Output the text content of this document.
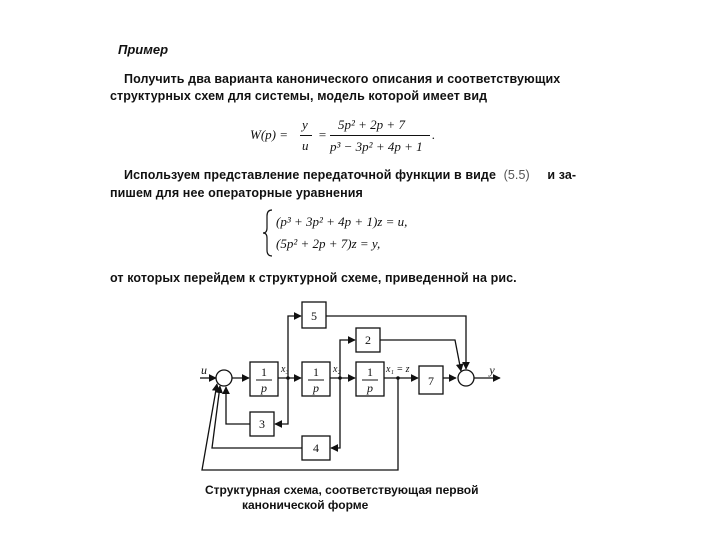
Пример
Получить два варианта канонического описания и соответствующих
структурных схем для системы, модель которой имеет вид
W(p) =
y
u
=
5p² + 2p + 7
p³ − 3p² + 4p + 1
.
Используем представление передаточной функции в виде (5.5) и за-
пишем для нее операторные уравнения
(p³ + 3p² + 4p + 1)z = u,
(5p² + 2p + 7)z = y,
от которых перейдем к структурной схеме, приведенной на рис.
u	y
1
p
1
p
1
p	7
5
2
3
4
x₃	x₂	x₁ = z
Структурная схема, соответствующая первой
канонической форме
